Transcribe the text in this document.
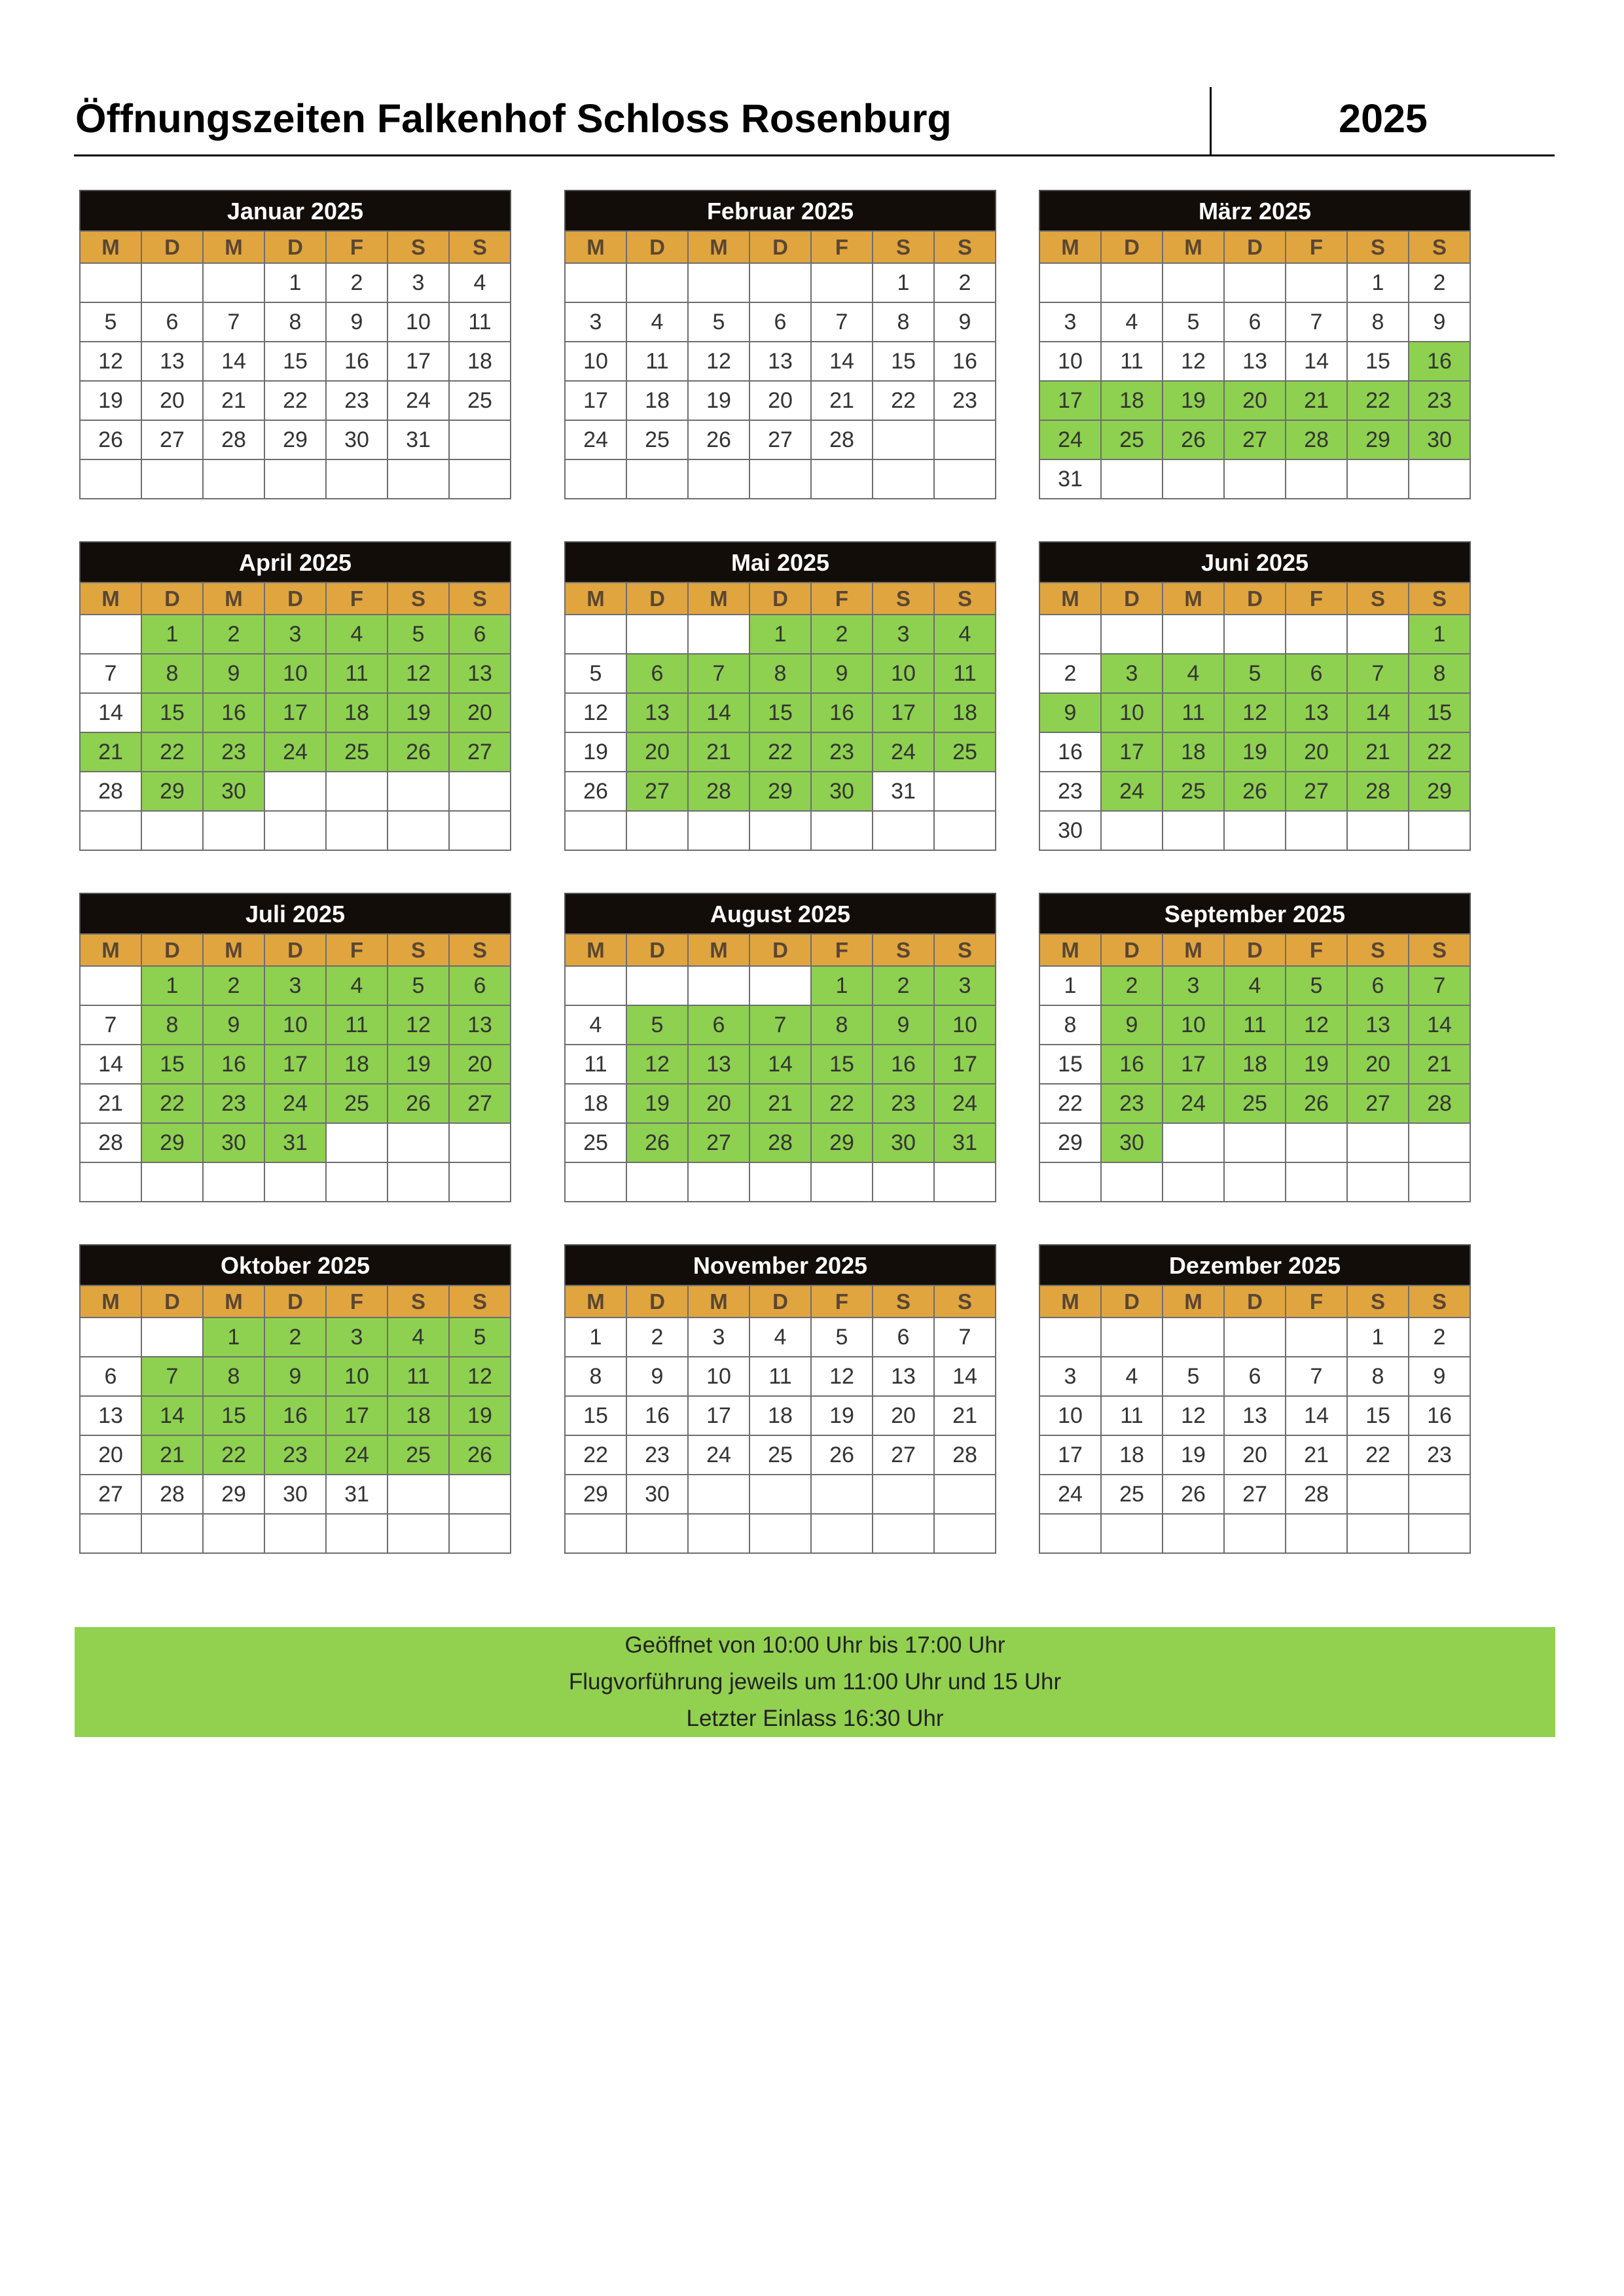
Öffnungszeiten Falkenhof Schloss Rosenburg	2025
Januar 2025
M	D	M	D	F	S	S
			1	2	3	4
5	6	7	8	9	10	11
12	13	14	15	16	17	18
19	20	21	22	23	24	25
26	27	28	29	30	31	

Februar 2025
M	D	M	D	F	S	S
					1	2
3	4	5	6	7	8	9
10	11	12	13	14	15	16
17	18	19	20	21	22	23
24	25	26	27	28		

März 2025
M	D	M	D	F	S	S
					1	2
3	4	5	6	7	8	9
10	11	12	13	14	15	16
17	18	19	20	21	22	23
24	25	26	27	28	29	30
31						
April 2025
M	D	M	D	F	S	S
	1	2	3	4	5	6
7	8	9	10	11	12	13
14	15	16	17	18	19	20
21	22	23	24	25	26	27
28	29	30				

Mai 2025
M	D	M	D	F	S	S
			1	2	3	4
5	6	7	8	9	10	11
12	13	14	15	16	17	18
19	20	21	22	23	24	25
26	27	28	29	30	31	

Juni 2025
M	D	M	D	F	S	S
						1
2	3	4	5	6	7	8
9	10	11	12	13	14	15
16	17	18	19	20	21	22
23	24	25	26	27	28	29
30						
Juli 2025
M	D	M	D	F	S	S
	1	2	3	4	5	6
7	8	9	10	11	12	13
14	15	16	17	18	19	20
21	22	23	24	25	26	27
28	29	30	31			

August 2025
M	D	M	D	F	S	S
				1	2	3
4	5	6	7	8	9	10
11	12	13	14	15	16	17
18	19	20	21	22	23	24
25	26	27	28	29	30	31

September 2025
M	D	M	D	F	S	S
1	2	3	4	5	6	7
8	9	10	11	12	13	14
15	16	17	18	19	20	21
22	23	24	25	26	27	28
29	30					

Oktober 2025
M	D	M	D	F	S	S
		1	2	3	4	5
6	7	8	9	10	11	12
13	14	15	16	17	18	19
20	21	22	23	24	25	26
27	28	29	30	31		

November 2025
M	D	M	D	F	S	S
1	2	3	4	5	6	7
8	9	10	11	12	13	14
15	16	17	18	19	20	21
22	23	24	25	26	27	28
29	30					

Dezember 2025
M	D	M	D	F	S	S
					1	2
3	4	5	6	7	8	9
10	11	12	13	14	15	16
17	18	19	20	21	22	23
24	25	26	27	28		

Geöffnet von 10:00 Uhr bis 17:00 Uhr
Flugvorführung jeweils um 11:00 Uhr und 15 Uhr
Letzter Einlass 16:30 Uhr
